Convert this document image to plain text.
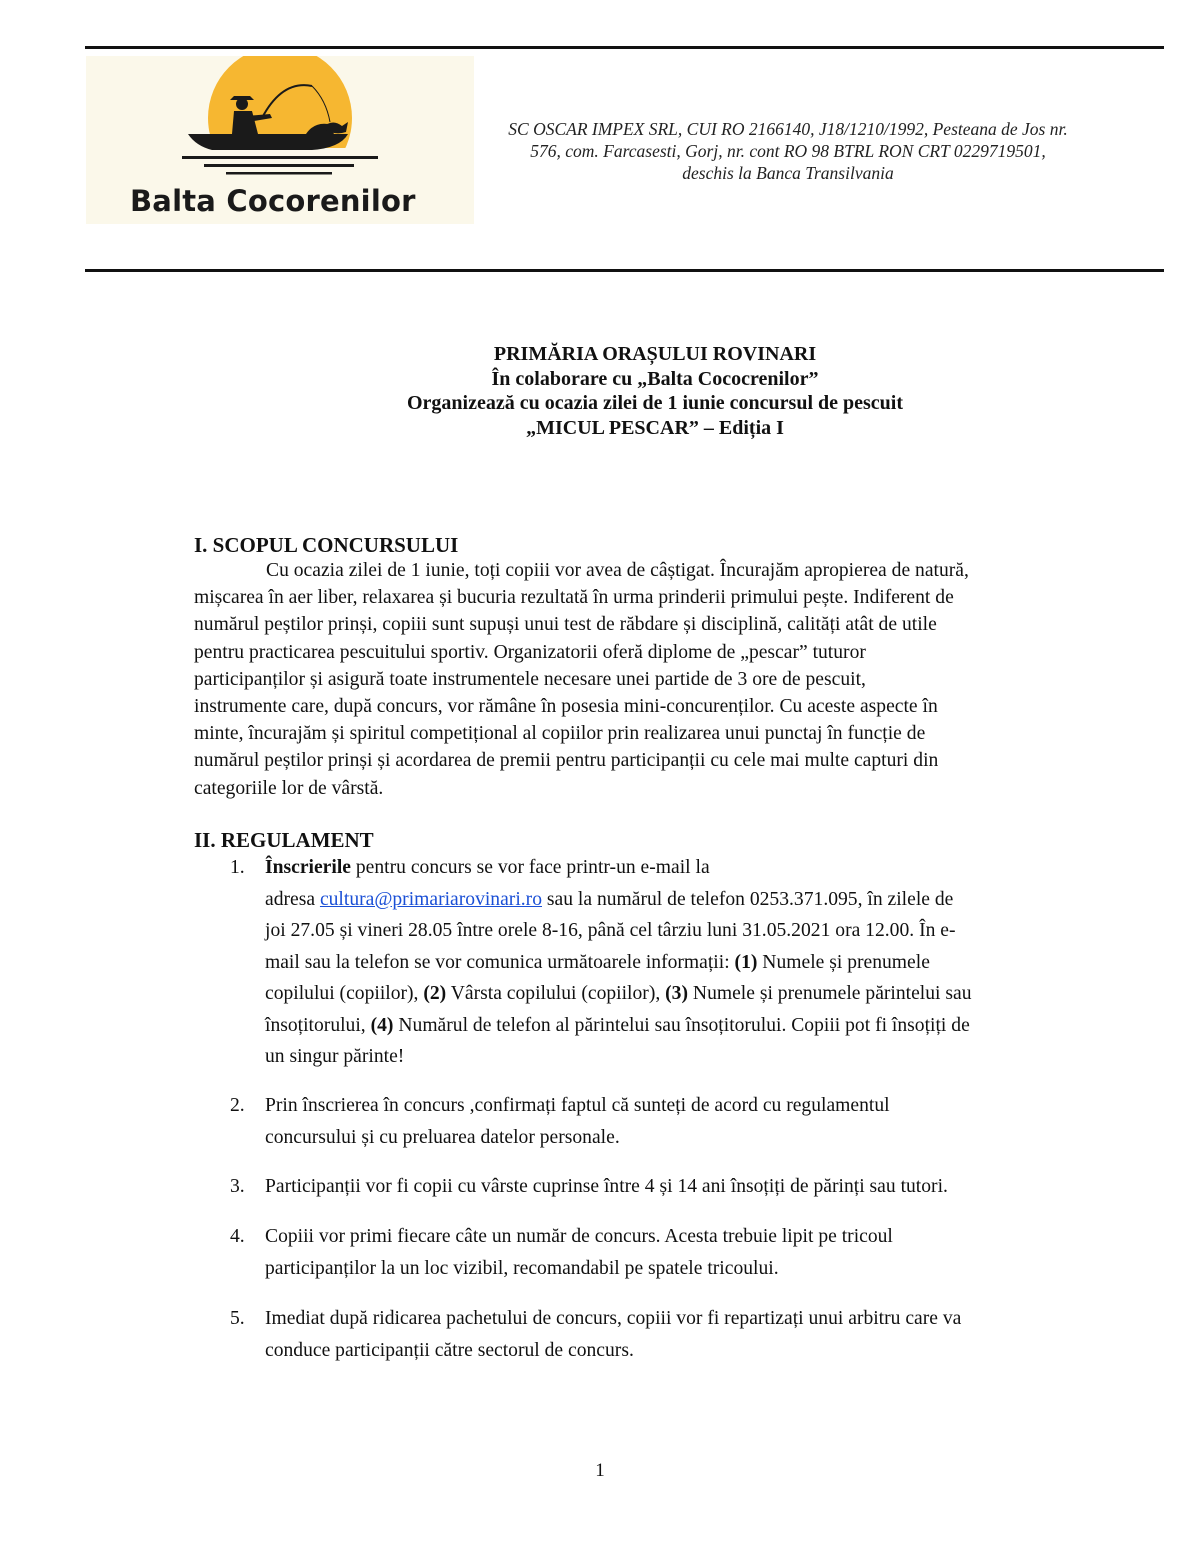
Balta Cocorenilor
SC OSCAR IMPEX SRL, CUI RO 2166140, J18/1210/1992, Pesteana de Jos nr.
576, com. Farcasesti, Gorj, nr. cont RO 98 BTRL RON CRT 0229719501,
deschis la Banca Transilvania
PRIMĂRIA ORAȘULUI ROVINARI
În colaborare cu „Balta Cococrenilor”
Organizează cu ocazia zilei de 1 iunie concursul de pescuit
„MICUL PESCAR” – Ediția I
I. SCOPUL CONCURSULUI
Cu ocazia zilei de 1 iunie, toți copiii vor avea de câștigat. Încurajăm apropierea de natură,
mișcarea în aer liber, relaxarea și bucuria rezultată în urma prinderii primului pește. Indiferent de
numărul peștilor prinși, copiii sunt supuși unui test de răbdare și disciplină, calități atât de utile
pentru practicarea pescuitului sportiv. Organizatorii oferă diplome de „pescar” tuturor
participanților și asigură toate instrumentele necesare unei partide de 3 ore de pescuit,
instrumente care, după concurs, vor rămâne în posesia mini-concurenților. Cu aceste aspecte în
minte, încurajăm și spiritul competițional al copiilor prin realizarea unui punctaj în funcție de
numărul peștilor prinși și acordarea de premii pentru participanții cu cele mai multe capturi din
categoriile lor de vârstă.
II. REGULAMENT
1.	Înscrierile pentru concurs se vor face printr-un e-mail la
adresa cultura@primariarovinari.ro sau la numărul de telefon 0253.371.095, în zilele de
joi 27.05 și vineri 28.05 între orele 8-16, până cel târziu luni 31.05.2021 ora 12.00. În e-
mail sau la telefon se vor comunica următoarele informații: (1) Numele și prenumele
copilului (copiilor), (2) Vârsta copilului (copiilor), (3) Numele și prenumele părintelui sau
însoțitorului, (4) Numărul de telefon al părintelui sau însoțitorului. Copiii pot fi însoțiți de
un singur părinte!
2.	Prin înscrierea în concurs ,confirmați faptul că sunteți de acord cu regulamentul
concursului și cu preluarea datelor personale.
3.	Participanții vor fi copii cu vârste cuprinse între 4 și 14 ani însoțiți de părinți sau tutori.
4.	Copiii vor primi fiecare câte un număr de concurs. Acesta trebuie lipit pe tricoul
participanților la un loc vizibil, recomandabil pe spatele tricoului.
5.	Imediat după ridicarea pachetului de concurs, copiii vor fi repartizați unui arbitru care va
conduce participanții către sectorul de concurs.
1
